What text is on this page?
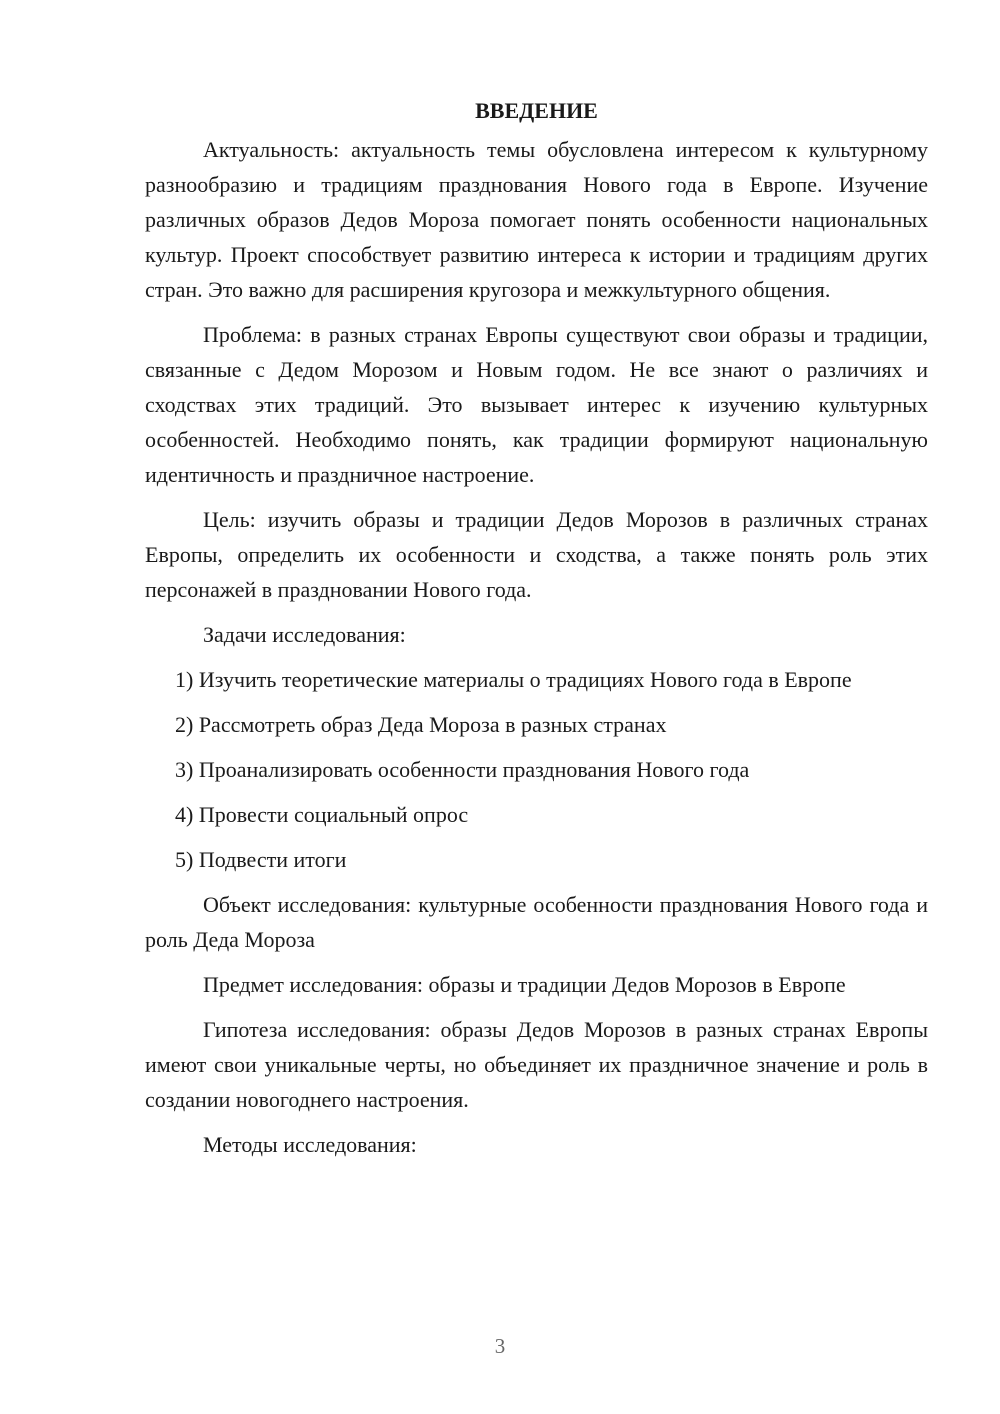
ВВЕДЕНИЕ

Актуальность: актуальность темы обусловлена интересом к культурному разнообразию и традициям празднования Нового года в Европе. Изучение различных образов Дедов Мороза помогает понять особенности национальных культур. Проект способствует развитию интереса к истории и традициям других стран. Это важно для расширения кругозора и межкультурного общения.

Проблема: в разных странах Европы существуют свои образы и традиции, связанные с Дедом Морозом и Новым годом. Не все знают о различиях и сходствах этих традиций. Это вызывает интерес к изучению культурных особенностей. Необходимо понять, как традиции формируют национальную идентичность и праздничное настроение.

Цель: изучить образы и традиции Дедов Морозов в различных странах Европы, определить их особенности и сходства, а также понять роль этих персонажей в праздновании Нового года.

Задачи исследования:

1) Изучить теоретические материалы о традициях Нового года в Европе

2) Рассмотреть образ Деда Мороза в разных странах

3) Проанализировать особенности празднования Нового года

4) Провести социальный опрос

5) Подвести итоги

Объект исследования: культурные особенности празднования Нового года и роль Деда Мороза

Предмет исследования: образы и традиции Дедов Морозов в Европе

Гипотеза исследования: образы Дедов Морозов в разных странах Европы имеют свои уникальные черты, но объединяет их праздничное значение и роль в создании новогоднего настроения.

Методы исследования:

3
